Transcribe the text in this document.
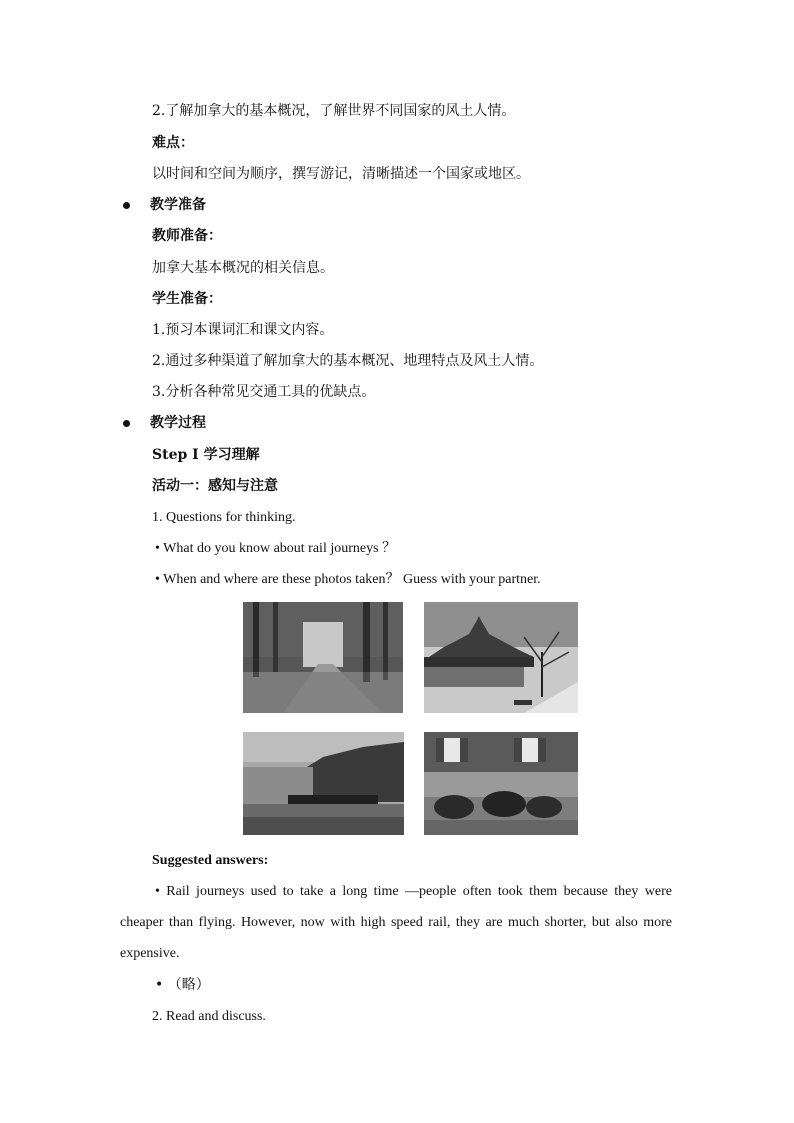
2.了解加拿大的基本概况，了解世界不同国家的风土人情。
难点：
以时间和空间为顺序，撰写游记，清晰描述一个国家或地区。
教学准备
教师准备：
加拿大基本概况的相关信息。
学生准备：
1.预习本课词汇和课文内容。
2.通过多种渠道了解加拿大的基本概况、地理特点及风土人情。
3.分析各种常见交通工具的优缺点。
教学过程
Step I 学习理解
活动一：感知与注意
1. Questions for thinking.
• What do you know about rail journeys ？
• When and where are these photos taken？ Guess with your partner.
Suggested answers:
• Rail journeys used to take a long time —people often took them because they were cheaper than flying. However, now with high speed rail, they are much shorter, but also more expensive.
• （略）
2. Read and discuss.
